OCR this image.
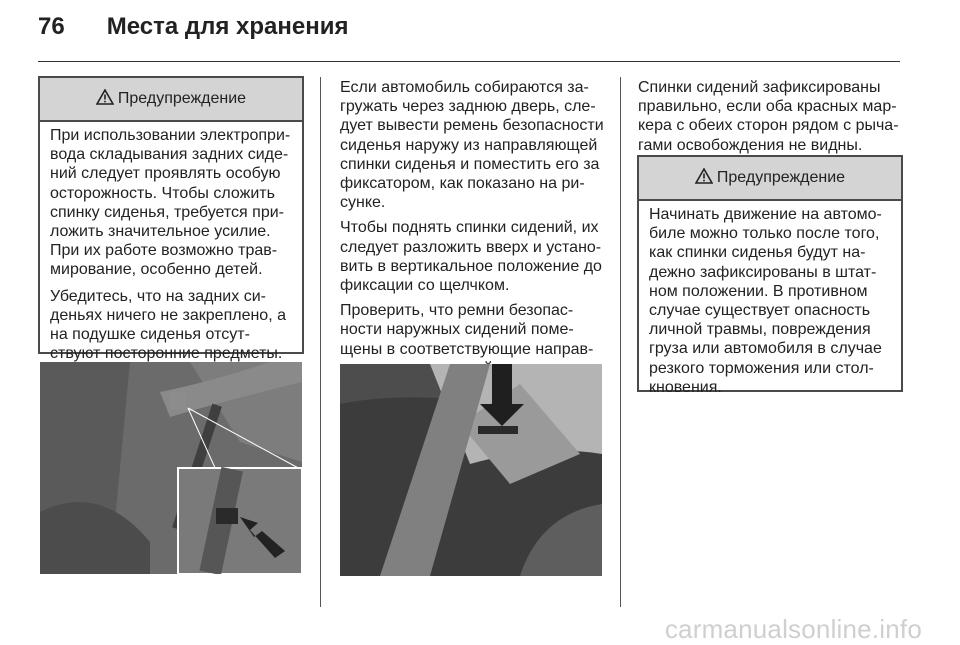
76 Места для хранения
Предупреждение

При использовании электропри-вода складывания задних сиде-ний следует проявлять особую осторожность. Чтобы сложить спинку сиденья, требуется при-ложить значительное усилие. При их работе возможно трав-мирование, особенно детей.

Убедитесь, что на задних си-деньях ничего не закреплено, а на подушке сиденья отсут-ствуют посторонние предметы.

Если автомобиль собираются за-гружать через заднюю дверь, сле-дует вывести ремень безопасности сиденья наружу из направляющей спинки сиденья и поместить его за фиксатором, как показано на ри-сунке.

Чтобы поднять спинки сидений, их следует разложить вверх и устано-вить в вертикальное положение до фиксации со щелчком.

Проверить, что ремни безопас-ности наружных сидений поме-щены в соответствующие направ-

Спинки сидений зафиксированы правильно, если оба красных мар-кера с обеих сторон рядом с рыча-гами освобождения не видны.

Предупреждение

Начинать движение на автомо-биле можно только после того, как спинки сиденья будут на-дежно зафиксированы в штат-ном положении. В противном случае существует опасность личной травмы, повреждения груза или автомобиля в случае резкого торможения или стол-кновения.

carmanualsonline.info
